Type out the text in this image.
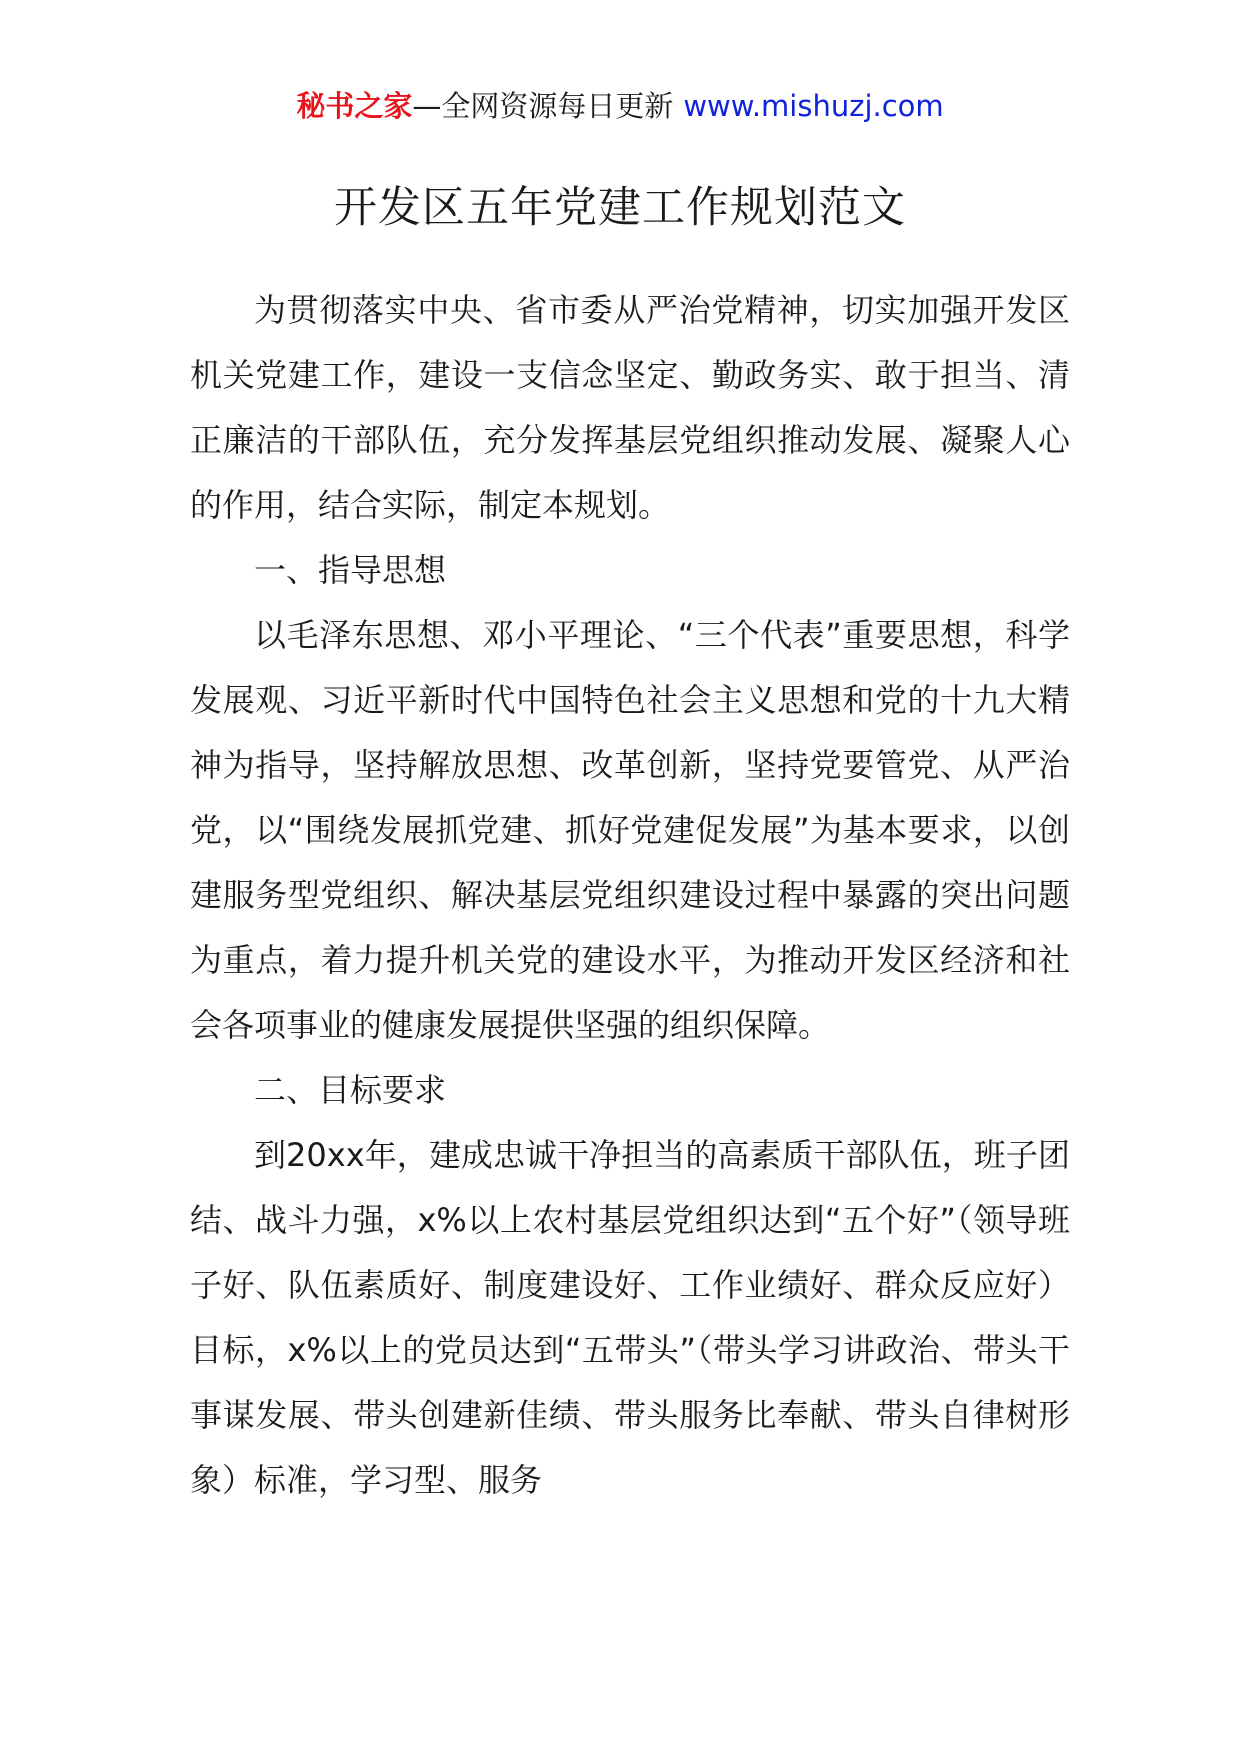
秘书之家—全网资源每日更新 www.mishuzj.com
开发区五年党建工作规划范文

为贯彻落实中央、省市委从严治党精神，切实加强开发区机关党建工作，建设一支信念坚定、勤政务实、敢于担当、清正廉洁的干部队伍，充分发挥基层党组织推动发展、凝聚人心的作用，结合实际，制定本规划。

一、指导思想

以毛泽东思想、邓小平理论、“三个代表”重要思想，科学发展观、习近平新时代中国特色社会主义思想和党的十九大精神为指导，坚持解放思想、改革创新，坚持党要管党、从严治党，以“围绕发展抓党建、抓好党建促发展”为基本要求，以创建服务型党组织、解决基层党组织建设过程中暴露的突出问题为重点，着力提升机关党的建设水平，为推动开发区经济和社会各项事业的健康发展提供坚强的组织保障。

二、目标要求

到20xx年，建成忠诚干净担当的高素质干部队伍，班子团结、战斗力强，x%以上农村基层党组织达到“五个好”（领导班子好、队伍素质好、制度建设好、工作业绩好、群众反应好）目标，x%以上的党员达到“五带头”（带头学习讲政治、带头干事谋发展、带头创建新佳绩、带头服务比奉献、带头自律树形象）标准，学习型、服务
